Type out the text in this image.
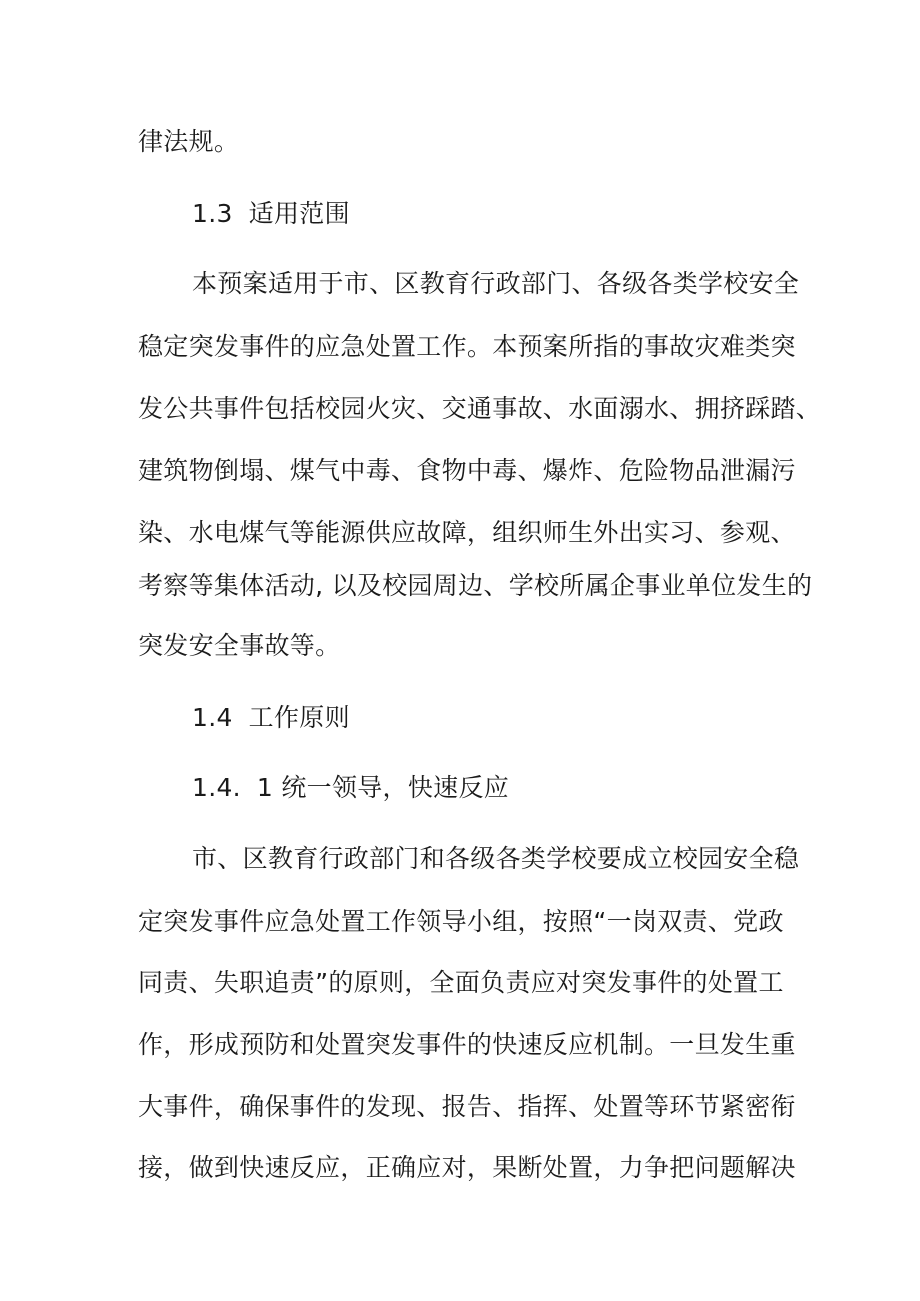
律法规。

1.3 适用范围

本预案适用于市、区教育行政部门、各级各类学校安全

稳定突发事件的应急处置工作。本预案所指的事故灾难类突

发公共事件包括校园火灾、交通事故、水面溺水、拥挤踩踏、

建筑物倒塌、煤气中毒、食物中毒、爆炸、危险物品泄漏污

染、水电煤气等能源供应故障，组织师生外出实习、参观、

考察等集体活动, 以及校园周边、学校所属企事业单位发生的

突发安全事故等。

1.4 工作原则

1.4. 1 统一领导，快速反应

市、区教育行政部门和各级各类学校要成立校园安全稳

定突发事件应急处置工作领导小组，按照“一岗双责、党政

同责、失职追责”的原则，全面负责应对突发事件的处置工

作，形成预防和处置突发事件的快速反应机制。一旦发生重

大事件，确保事件的发现、报告、指挥、处置等环节紧密衔

接，做到快速反应，正确应对，果断处置，力争把问题解决
